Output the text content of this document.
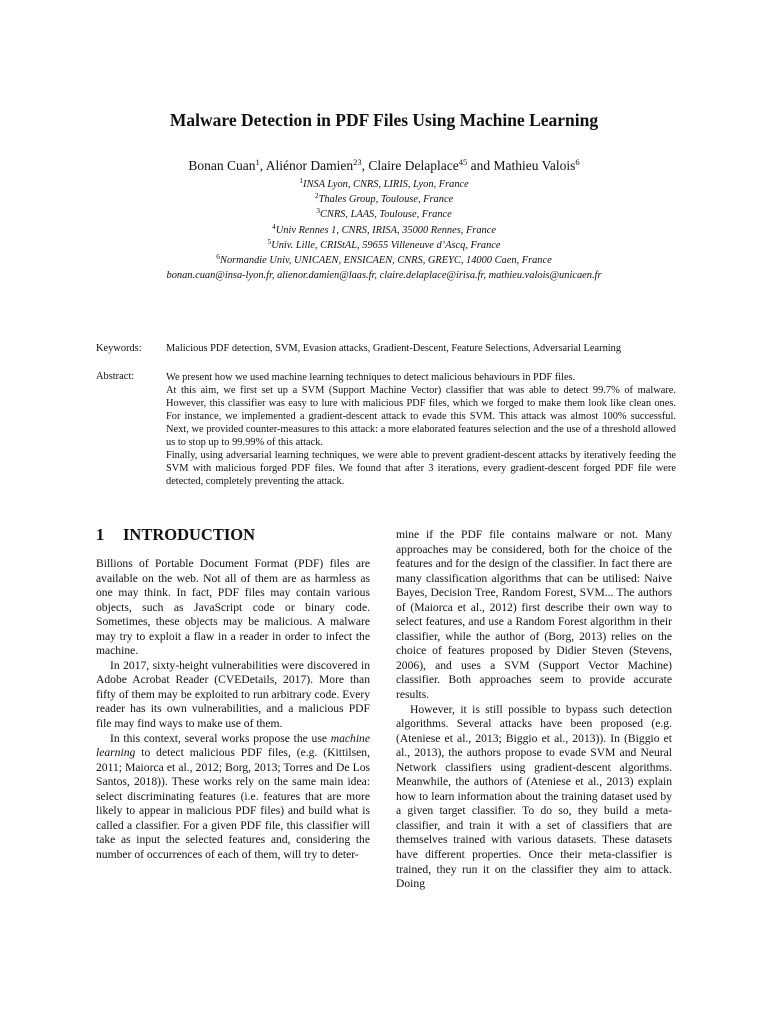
Malware Detection in PDF Files Using Machine Learning
Bonan Cuan$^1$, Aliénor Damien$^{23}$, Claire Delaplace$^{45}$ and Mathieu Valois$^6$
$^1$INSA Lyon, CNRS, LIRIS, Lyon, France
$^2$Thales Group, Toulouse, France
$^3$CNRS, LAAS, Toulouse, France
$^4$Univ Rennes 1, CNRS, IRISA, 35000 Rennes, France
$^5$Univ. Lille, CRIStAL, 59655 Villeneuve d’Ascq, France
$^6$Normandie Univ, UNICAEN, ENSICAEN, CNRS, GREYC, 14000 Caen, France
bonan.cuan@insa-lyon.fr, alienor.damien@laas.fr, claire.delaplace@irisa.fr, mathieu.valois@unicaen.fr
Keywords:	Malicious PDF detection, SVM, Evasion attacks, Gradient-Descent, Feature Selections, Adversarial Learning
Abstract:	We present how we used machine learning techniques to detect malicious behaviours in PDF files.

At this aim, we first set up a SVM (Support Machine Vector) classifier that was able to detect 99.7% of malware. However, this classifier was easy to lure with malicious PDF files, which we forged to make them look like clean ones. For instance, we implemented a gradient-descent attack to evade this SVM. This attack was almost 100% successful. Next, we provided counter-measures to this attack: a more elaborated features selection and the use of a threshold allowed us to stop up to 99.99% of this attack.

Finally, using adversarial learning techniques, we were able to prevent gradient-descent attacks by iteratively feeding the SVM with malicious forged PDF files. We found that after 3 iterations, every gradient-descent forged PDF file were detected, completely preventing the attack.

1 INTRODUCTION

Billions of Portable Document Format (PDF) files are available on the web. Not all of them are as harmless as one may think. In fact, PDF files may contain various objects, such as JavaScript code or binary code. Sometimes, these objects may be malicious. A malware may try to exploit a flaw in a reader in order to infect the machine.

In 2017, sixty-height vulnerabilities were discovered in Adobe Acrobat Reader (CVEDetails, 2017). More than fifty of them may be exploited to run arbitrary code. Every reader has its own vulnerabilities, and a malicious PDF file may find ways to make use of them.

In this context, several works propose the use machine learning to detect malicious PDF files, (e.g. (Kittilsen, 2011; Maiorca et al., 2012; Borg, 2013; Torres and De Los Santos, 2018)). These works rely on the same main idea: select discriminating features (i.e. features that are more likely to appear in malicious PDF files) and build what is called a classifier. For a given PDF file, this classifier will take as input the selected features and, considering the number of occurrences of each of them, will try to deter-

mine if the PDF file contains malware or not. Many approaches may be considered, both for the choice of the features and for the design of the classifier. In fact there are many classification algorithms that can be utilised: Naive Bayes, Decision Tree, Random Forest, SVM... The authors of (Maiorca et al., 2012) first describe their own way to select features, and use a Random Forest algorithm in their classifier, while the author of (Borg, 2013) relies on the choice of features proposed by Didier Steven (Stevens, 2006), and uses a SVM (Support Vector Machine) classifier. Both approaches seem to provide accurate results.

However, it is still possible to bypass such detection algorithms. Several attacks have been proposed (e.g. (Ateniese et al., 2013; Biggio et al., 2013)). In (Biggio et al., 2013), the authors propose to evade SVM and Neural Network classifiers using gradient-descent algorithms. Meanwhile, the authors of (Ateniese et al., 2013) explain how to learn information about the training dataset used by a given target classifier. To do so, they build a meta-classifier, and train it with a set of classifiers that are themselves trained with various datasets. These datasets have different properties. Once their meta-classifier is trained, they run it on the classifier they aim to attack. Doing
